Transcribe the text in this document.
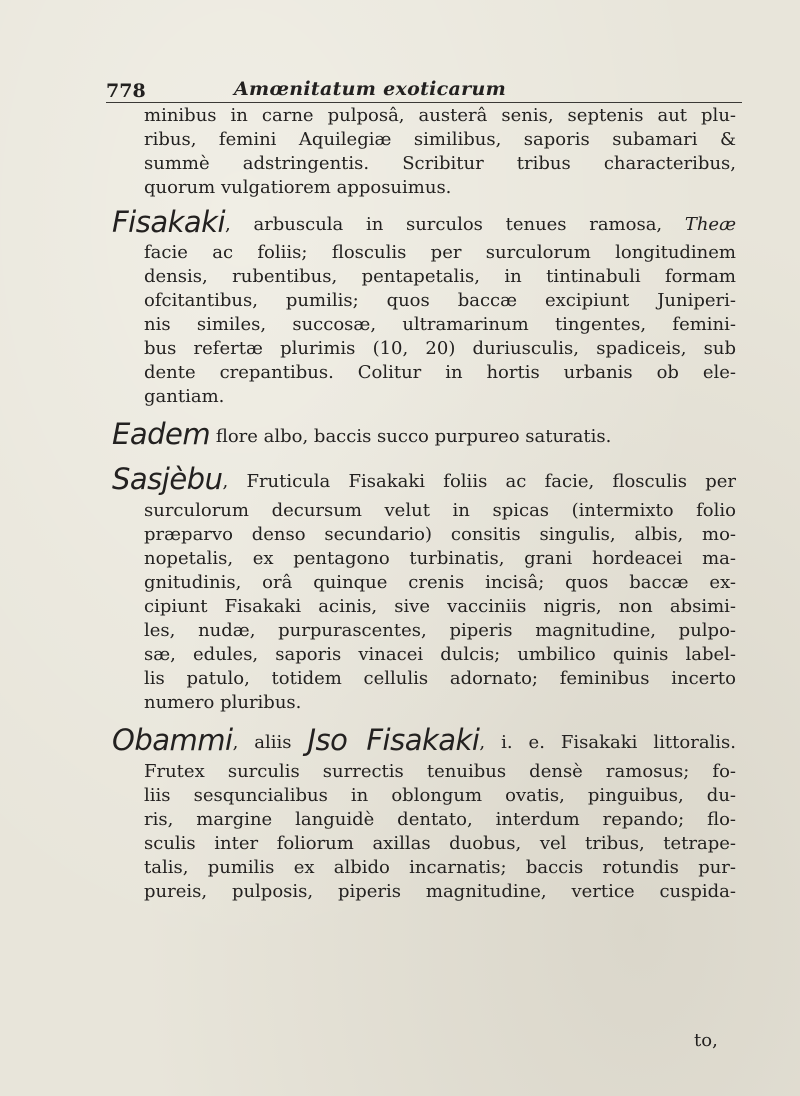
778	Amœnitatum exoticarum
minibus in carne pulposâ, austerâ senis, septenis aut plu-
ribus, femini Aquilegiæ similibus, saporis subamari &
summè adstringentis. Scribitur tribus characteribus,
quorum vulgatiorem apposuimus.
Fisakaki, arbuscula in surculos tenues ramosa, Theæ
facie ac foliis; flosculis per surculorum longitudinem
densis, rubentibus, pentapetalis, in tintinabuli formam
ofcitantibus, pumilis; quos baccæ excipiunt Juniperi-
nis similes, succosæ, ultramarinum tingentes, femini-
bus refertæ plurimis (10, 20) duriusculis, spadiceis, sub
dente crepantibus. Colitur in hortis urbanis ob ele-
gantiam.
Eadem flore albo, baccis succo purpureo saturatis.
Sasjèbu, Fruticula Fisakaki foliis ac facie, flosculis per
surculorum decursum velut in spicas (intermixto folio
præparvo denso secundario) consitis singulis, albis, mo-
nopetalis, ex pentagono turbinatis, grani hordeacei ma-
gnitudinis, orâ quinque crenis incisâ; quos baccæ ex-
cipiunt Fisakaki acinis, sive vacciniis nigris, non absimi-
les, nudæ, purpurascentes, piperis magnitudine, pulpo-
sæ, edules, saporis vinacei dulcis; umbilico quinis label-
lis patulo, totidem cellulis adornato; feminibus incerto
numero pluribus.
Obammi, aliis Jso Fisakaki, i. e. Fisakaki littoralis.
Frutex surculis surrectis tenuibus densè ramosus; fo-
liis sesquncialibus in oblongum ovatis, pinguibus, du-
ris, margine languidè dentato, interdum repando; flo-
sculis inter foliorum axillas duobus, vel tribus, tetrape-
talis, pumilis ex albido incarnatis; baccis rotundis pur-
pureis, pulposis, piperis magnitudine, vertice cuspida-
to,
